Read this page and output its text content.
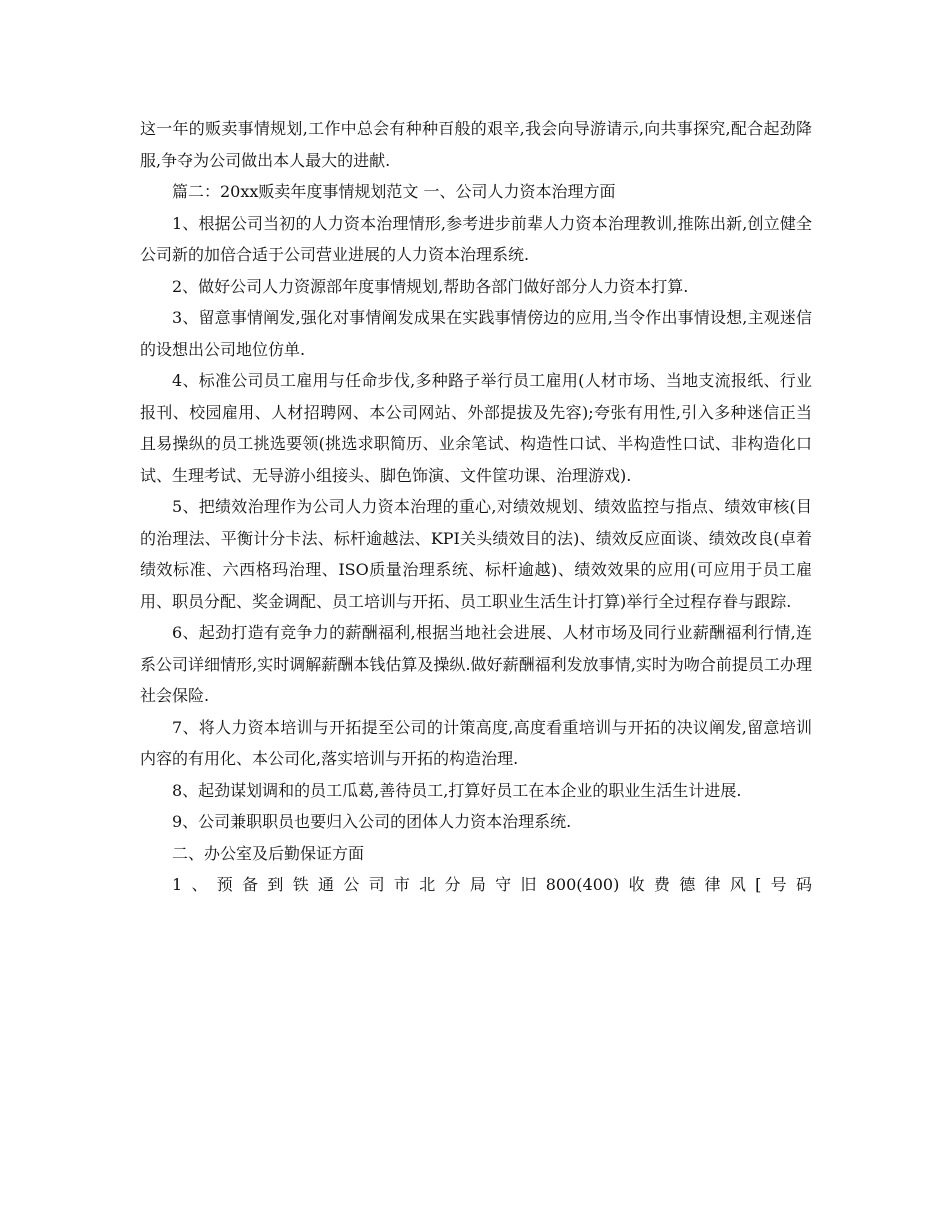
这一年的贩卖事情规划,工作中总会有种种百般的艰辛,我会向导游请示,向共事探究,配合起劲降服,争夺为公司做出本人最大的进献.

篇二：20xx贩卖年度事情规划范文 一、公司人力资本治理方面

1、根据公司当初的人力资本治理情形,参考进步前辈人力资本治理教训,推陈出新,创立健全公司新的加倍合适于公司营业进展的人力资本治理系统.

2、做好公司人力资源部年度事情规划,帮助各部门做好部分人力资本打算.

3、留意事情阐发,强化对事情阐发成果在实践事情傍边的应用,当令作出事情设想,主观迷信的设想出公司地位仿单.

4、标准公司员工雇用与任命步伐,多种路子举行员工雇用(人材市场、当地支流报纸、行业报刊、校园雇用、人材招聘网、本公司网站、外部提拔及先容);夸张有用性,引入多种迷信正当且易操纵的员工挑选要领(挑选求职简历、业余笔试、构造性口试、半构造性口试、非构造化口试、生理考试、无导游小组接头、脚色饰演、文件筐功课、治理游戏).

5、把绩效治理作为公司人力资本治理的重心,对绩效规划、绩效监控与指点、绩效审核(目的治理法、平衡计分卡法、标杆逾越法、KPI关头绩效目的法)、绩效反应面谈、绩效改良(卓着绩效标准、六西格玛治理、ISO质量治理系统、标杆逾越)、绩效效果的应用(可应用于员工雇用、职员分配、奖金调配、员工培训与开拓、员工职业生活生计打算)举行全过程存眷与跟踪.

6、起劲打造有竞争力的薪酬福利,根据当地社会进展、人材市场及同行业薪酬福利行情,连系公司详细情形,实时调解薪酬本钱估算及操纵.做好薪酬福利发放事情,实时为吻合前提员工办理社会保险.

7、将人力资本培训与开拓提至公司的计策高度,高度看重培训与开拓的决议阐发,留意培训内容的有用化、本公司化,落实培训与开拓的构造治理.

8、起劲谋划调和的员工瓜葛,善待员工,打算好员工在本企业的职业生活生计进展.

9、公司兼职职员也要归入公司的团体人力资本治理系统.

二、办公室及后勤保证方面

1、预备到铁通公司市北分局守旧800(400)收费德律风[号码
